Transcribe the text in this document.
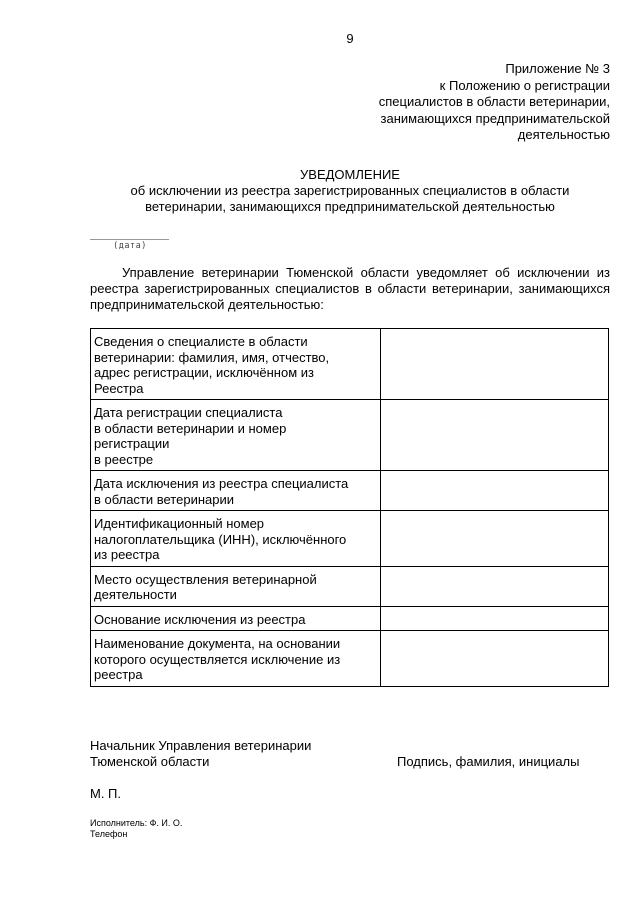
9
Приложение № 3
к Положению о регистрации
специалистов в области ветеринарии,
занимающихся предпринимательской
деятельностью
УВЕДОМЛЕНИЕ
об исключении из реестра зарегистрированных специалистов в области
ветеринарии, занимающихся предпринимательской деятельностью
(дата)

Управление ветеринарии Тюменской области уведомляет об исключении из реестра зарегистрированных специалистов в области ветеринарии, занимающихся предпринимательской деятельностью:

Сведения о специалисте в области
ветеринарии: фамилия, имя, отчество,
адрес регистрации, исключённом из
Реестра	

Дата регистрации специалиста
в области ветеринарии и номер
регистрации
в реестре	

Дата исключения из реестра специалиста
в области ветеринарии	

Идентификационный номер
налогоплательщика (ИНН), исключённого
из реестра	

Место осуществления ветеринарной
деятельности	

Основание исключения из реестра	

Наименование документа, на основании
которого осуществляется исключение из
реестра	

Начальник Управления ветеринарии
Тюменской области	Подпись, фамилия, инициалы
М. П.
Исполнитель: Ф. И. О.
Телефон
